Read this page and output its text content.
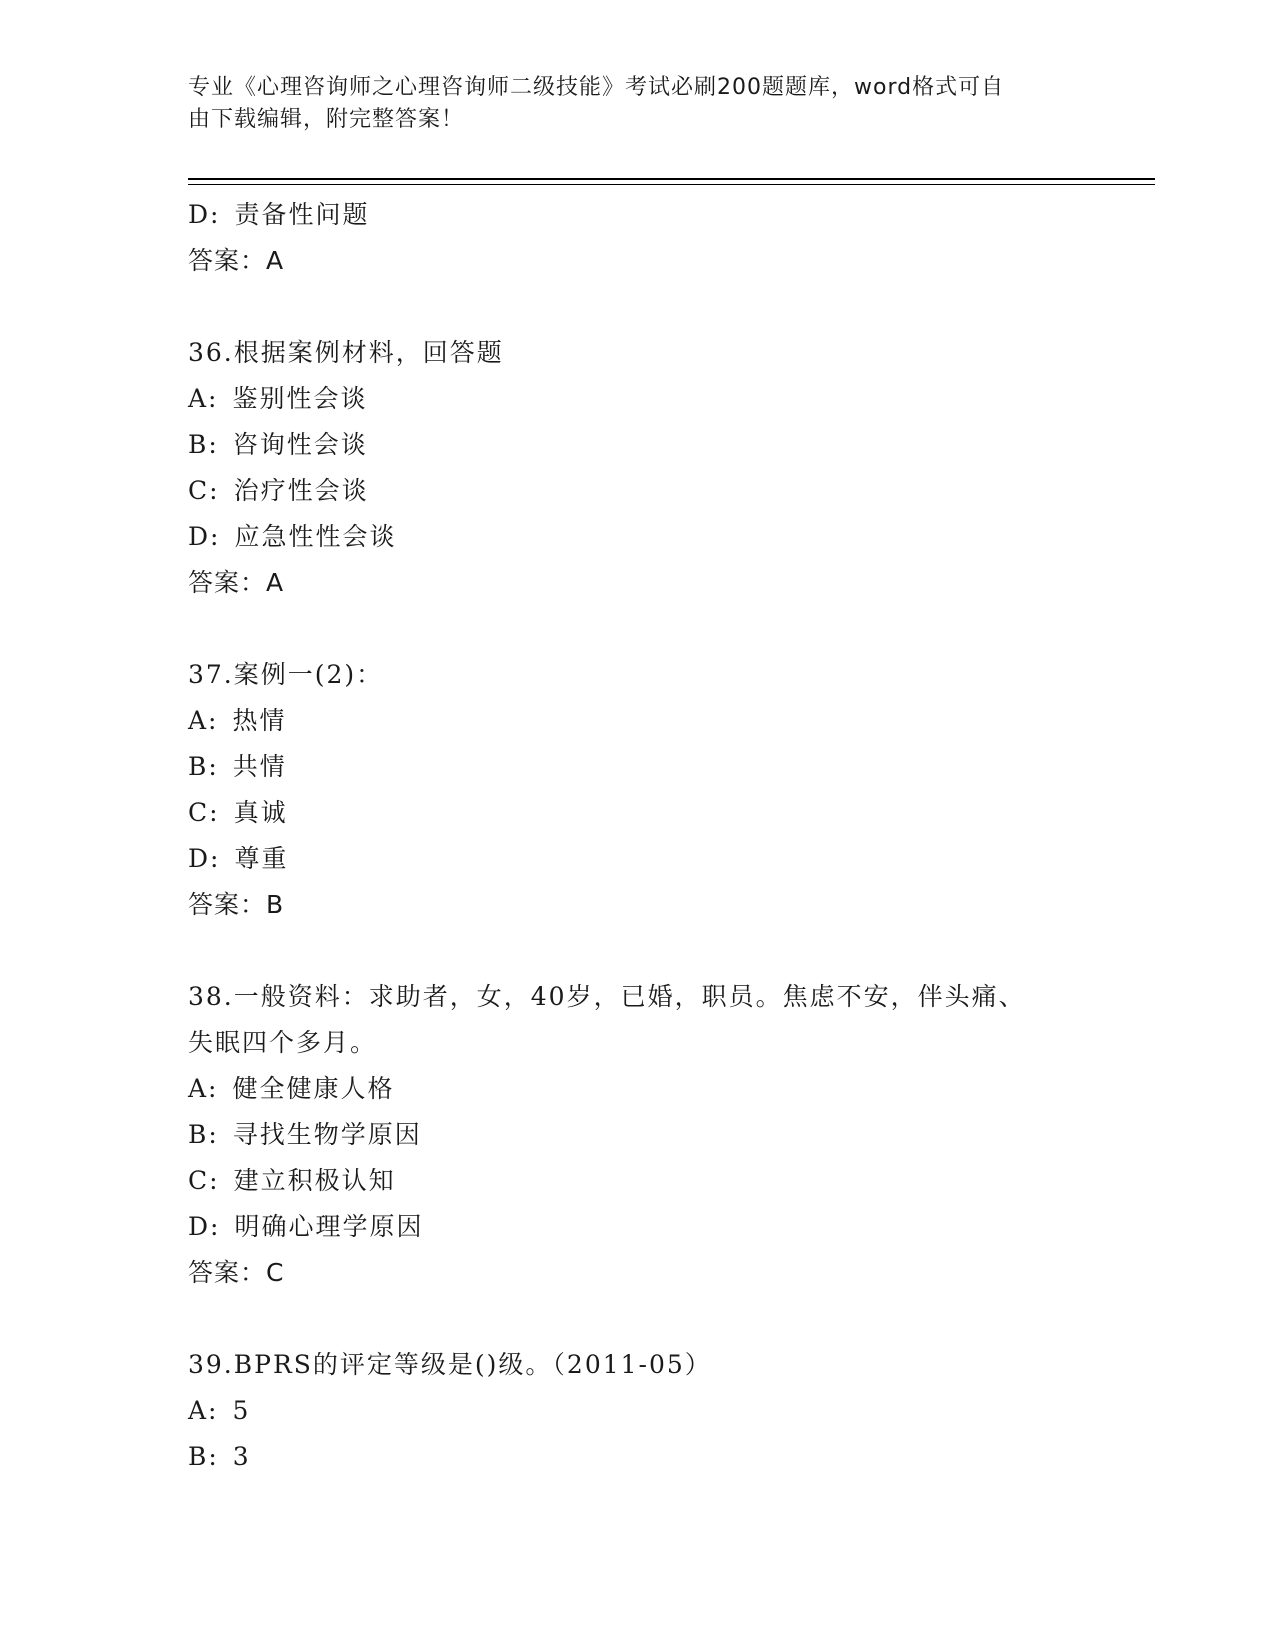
专业《心理咨询师之心理咨询师二级技能》考试必刷200题题库，word格式可自
由下载编辑，附完整答案！
D: 责备性问题
答案：A
36.根据案例材料，回答题
A: 鉴别性会谈
B: 咨询性会谈
C: 治疗性会谈
D: 应急性性会谈
答案：A
37.案例一(2)：
A: 热情
B: 共情
C: 真诚
D: 尊重
答案：B
38.一般资料：求助者，女，40岁，已婚，职员。焦虑不安，伴头痛、
失眠四个多月。
A: 健全健康人格
B: 寻找生物学原因
C: 建立积极认知
D: 明确心理学原因
答案：C
39.BPRS的评定等级是()级。（2011-05）
A: 5
B: 3
